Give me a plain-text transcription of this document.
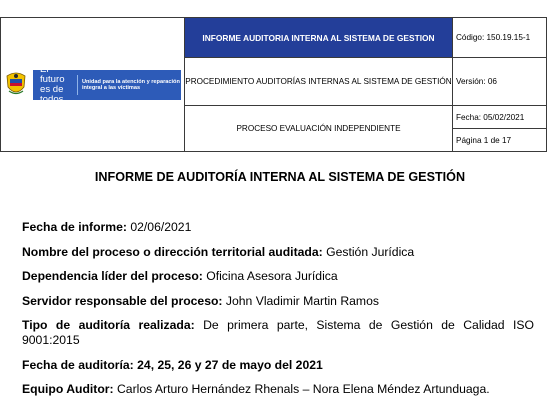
El futuro es de todos
Unidad para la atención y reparación integral a las víctimas	INFORME AUDITORIA INTERNA AL SISTEMA DE GESTION	Código: 150.19.15-1
	PROCEDIMIENTO AUDITORÍAS INTERNAS AL SISTEMA DE GESTIÓN	Versión: 06
	PROCESO EVALUACIÓN INDEPENDIENTE	Fecha: 05/02/2021
Página 1 de 17
INFORME DE AUDITORÍA INTERNA AL SISTEMA DE GESTIÓN

Fecha de informe: 02/06/2021

Nombre del proceso o dirección territorial auditada: Gestión Jurídica

Dependencia líder del proceso: Oficina Asesora Jurídica

Servidor responsable del proceso: John Vladimir Martin Ramos

Tipo de auditoría realizada: De primera parte, Sistema de Gestión de Calidad ISO 9001:2015

Fecha de auditoría: 24, 25, 26 y 27 de mayo del 2021

Equipo Auditor: Carlos Arturo Hernández Rhenals – Nora Elena Méndez Artunduaga.
